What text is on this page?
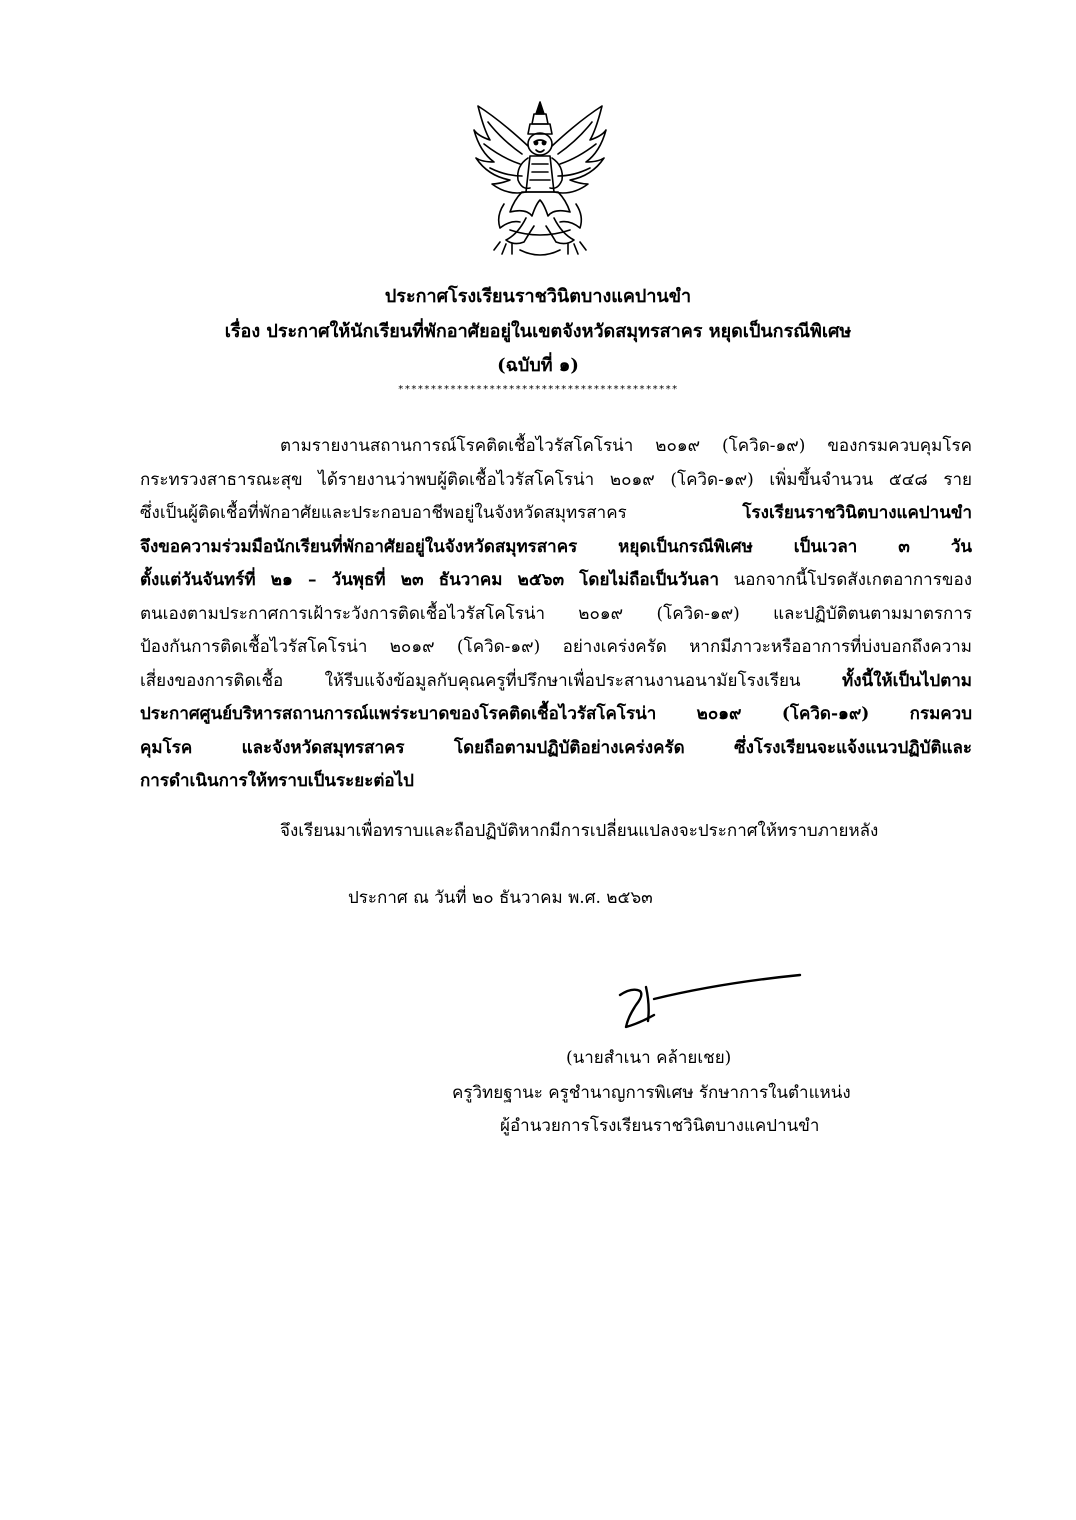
ประกาศโรงเรียนราชวินิตบางแคปานขำ
เรื่อง ประกาศให้นักเรียนที่พักอาศัยอยู่ในเขตจังหวัดสมุทรสาคร หยุดเป็นกรณีพิเศษ
(ฉบับที่ ๑)
*******************************************
ตามรายงานสถานการณ์โรคติดเชื้อไวรัสโคโรน่า ๒๐๑๙ (โควิด-๑๙) ของกรมควบคุมโรค
กระทรวงสาธารณะสุข ได้รายงานว่าพบผู้ติดเชื้อไวรัสโคโรน่า ๒๐๑๙ (โควิด-๑๙) เพิ่มขึ้นจำนวน ๕๔๘ ราย
ซึ่งเป็นผู้ติดเชื้อที่พักอาศัยและประกอบอาชีพอยู่ในจังหวัดสมุทรสาคร โรงเรียนราชวินิตบางแคปานขำ
จึงขอความร่วมมือนักเรียนที่พักอาศัยอยู่ในจังหวัดสมุทรสาคร หยุดเป็นกรณีพิเศษ เป็นเวลา ๓ วัน
ตั้งแต่วันจันทร์ที่ ๒๑ – วันพุธที่ ๒๓ ธันวาคม ๒๕๖๓ โดยไม่ถือเป็นวันลา นอกจากนี้โปรดสังเกตอาการของ
ตนเองตามประกาศการเฝ้าระวังการติดเชื้อไวรัสโคโรน่า ๒๐๑๙ (โควิด-๑๙) และปฏิบัติตนตามมาตรการ
ป้องกันการติดเชื้อไวรัสโคโรน่า ๒๐๑๙ (โควิด-๑๙) อย่างเคร่งครัด หากมีภาวะหรืออาการที่บ่งบอกถึงความ
เสี่ยงของการติดเชื้อ ให้รีบแจ้งข้อมูลกับคุณครูที่ปรึกษาเพื่อประสานงานอนามัยโรงเรียน ทั้งนี้ให้เป็นไปตาม
ประกาศศูนย์บริหารสถานการณ์แพร่ระบาดของโรคติดเชื้อไวรัสโคโรน่า ๒๐๑๙ (โควิด-๑๙) กรมควบ
คุมโรค และจังหวัดสมุทรสาคร โดยถือตามปฏิบัติอย่างเคร่งครัด ซึ่งโรงเรียนจะแจ้งแนวปฏิบัติและ
การดำเนินการให้ทราบเป็นระยะต่อไป
จึงเรียนมาเพื่อทราบและถือปฏิบัติหากมีการเปลี่ยนแปลงจะประกาศให้ทราบภายหลัง
ประกาศ ณ วันที่ ๒๐ ธันวาคม พ.ศ. ๒๕๖๓
(นายสำเนา คล้ายเชย)
ครูวิทยฐานะ ครูชำนาญการพิเศษ รักษาการในตำแหน่ง
ผู้อำนวยการโรงเรียนราชวินิตบางแคปานขำ
